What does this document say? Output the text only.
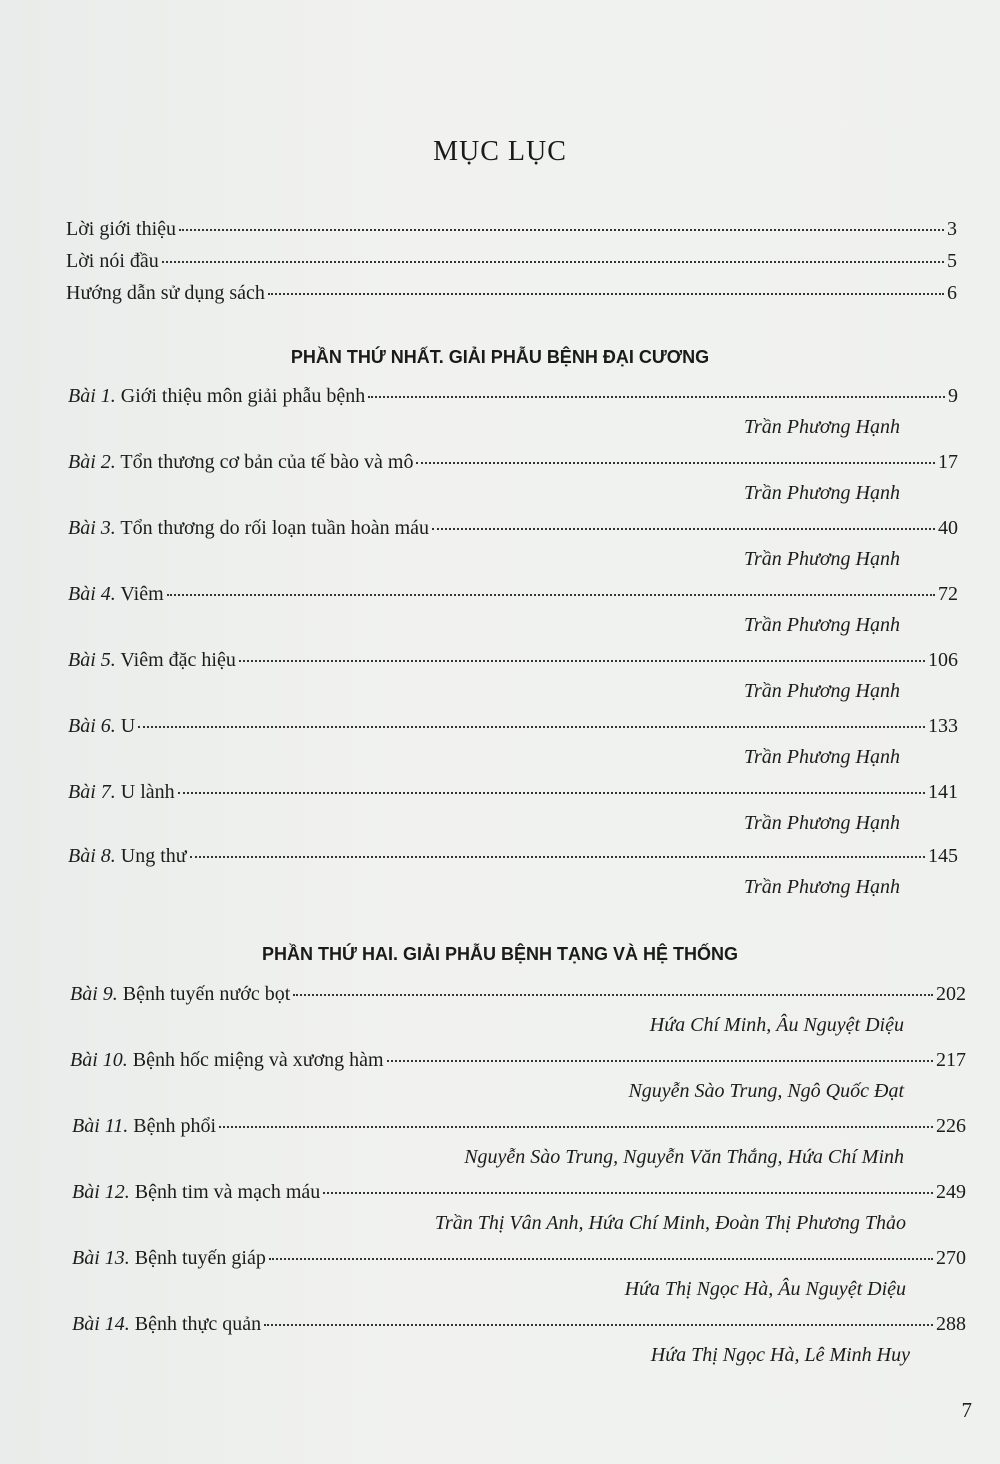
MỤC LỤC
Lời giới thiệu	3
Lời nói đầu	5
Hướng dẫn sử dụng sách	6
PHẦN THỨ NHẤT. GIẢI PHẪU BỆNH ĐẠI CƯƠNG
Bài 1. Giới thiệu môn giải phẫu bệnh	9
Trần Phương Hạnh
Bài 2. Tổn thương cơ bản của tế bào và mô	17
Trần Phương Hạnh
Bài 3. Tổn thương do rối loạn tuần hoàn máu	40
Trần Phương Hạnh
Bài 4. Viêm	72
Trần Phương Hạnh
Bài 5. Viêm đặc hiệu	106
Trần Phương Hạnh
Bài 6. U	133
Trần Phương Hạnh
Bài 7. U lành	141
Trần Phương Hạnh
Bài 8. Ung thư	145
Trần Phương Hạnh
PHẦN THỨ HAI. GIẢI PHẪU BỆNH TẠNG VÀ HỆ THỐNG
Bài 9. Bệnh tuyến nước bọt	202
Hứa Chí Minh, Âu Nguyệt Diệu
Bài 10. Bệnh hốc miệng và xương hàm	217
Nguyễn Sào Trung, Ngô Quốc Đạt
Bài 11. Bệnh phổi	226
Nguyễn Sào Trung, Nguyễn Văn Thắng, Hứa Chí Minh
Bài 12. Bệnh tim và mạch máu	249
Trần Thị Vân Anh, Hứa Chí Minh, Đoàn Thị Phương Thảo
Bài 13. Bệnh tuyến giáp	270
Hứa Thị Ngọc Hà, Âu Nguyệt Diệu
Bài 14. Bệnh thực quản	288
Hứa Thị Ngọc Hà, Lê Minh Huy
7
